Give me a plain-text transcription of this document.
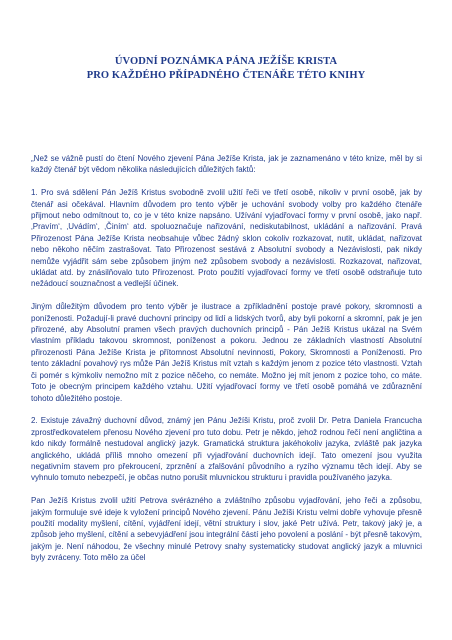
ÚVODNÍ POZNÁMKA PÁNA JEŽÍŠE KRISTA
PRO KAŽDÉHO PŘÍPADNÉHO ČTENÁŘE TÉTO KNIHY

„Než se vážně pustí do čtení Nového zjevení Pána Ježíše Krista, jak je zaznamenáno v této knize, měl by si každý čtenář být vědom několika následujících důležitých faktů:

1. Pro svá sdělení Pán Ježíš Kristus svobodně zvolil užití řeči ve třetí osobě, nikoliv v první osobě, jak by čtenář asi očekával. Hlavním důvodem pro tento výběr je uchování svobody volby pro každého čtenáře přijmout nebo odmítnout to, co je v této knize napsáno. Užívání vyjadřovací formy v první osobě, jako např. ‚Pravím‘, ‚Uvádím‘, ‚Činím‘ atd. spoluoznačuje nařizování, nediskutabilnost, ukládání a nařizování. Pravá Přirozenost Pána Ježíše Krista neobsahuje vůbec žádný sklon cokoliv rozkazovat, nutit, ukládat, nařizovat nebo někoho něčím zastrašovat. Tato Přirozenost sestává z Absolutní svobody a Nezávislosti, pak nikdy nemůže vyjádřit sám sebe způsobem jiným než způsobem svobody a nezávislosti. Rozkazovat, nařizovat, ukládat atd. by znásilňovalo tuto Přirozenost. Proto použití vyjadřovací formy ve třetí osobě odstraňuje tuto nežádoucí souznačnost a vedlejší účinek.

Jiným důležitým důvodem pro tento výběr je ilustrace a zpříkladnění postoje pravé pokory, skromnosti a poníženosti. Požadují-li pravé duchovní principy od lidí a lidských tvorů, aby byli pokorní a skromní, pak je jen přirozené, aby Absolutní pramen všech pravých duchovních principů - Pán Ježíš Kristus ukázal na Svém vlastním příkladu takovou skromnost, poníženost a pokoru. Jednou ze základních vlastností Absolutní přirozenosti Pána Ježíše Krista je přítomnost Absolutní nevinnosti, Pokory, Skromnosti a Poníženosti. Pro tento základní povahový rys může Pán Ježíš Kristus mít vztah s každým jenom z pozice této vlastnosti. Vztah či pomér s kýmkoliv nemožno mít z pozice něčeho, co nemáte. Možno jej mít jenom z pozice toho, co máte. Toto je obecným principem každého vztahu. Užití vyjadřovací formy ve třetí osobě pomáhá ve zdůraznění tohoto důležitého postoje.

2. Existuje závažný duchovní důvod, známý jen Pánu Ježíši Kristu, proč zvolil Dr. Petra Daniela Francucha zprostředkovatelem přenosu Nového zjevení pro tuto dobu. Petr je někdo, jehož rodnou řečí není angličtina a kdo nikdy formálně nestudoval anglický jazyk. Gramatická struktura jakéhokoliv jazyka, zvláště pak jazyka anglického, ukládá příliš mnoho omezení při vyjadřování duchovních idejí. Tato omezení jsou využita negativním stavem pro překroucení, zprznění a zfalšování původního a ryzího významu těch idejí. Aby se vyhnulo tomuto nebezpečí, je občas nutno porušit mluvnickou strukturu i pravidla používaného jazyka.

Pan Ježíš Kristus zvolil užití Petrova svérázného a zvláštního způsobu vyjadřování, jeho řeči a způsobu, jakým formuluje své ideje k vyložení principů Nového zjevení. Pánu Ježíši Kristu velmi dobře vyhovuje přesně použití modality myšlení, cítění, vyjádření idejí, větní struktury i slov, jaké Petr užívá. Petr, takový jaký je, a způsob jeho myšlení, cítění a sebevyjádření jsou integrální částí jeho povolení a poslání - být přesně takovým, jakým je. Není náhodou, že všechny minulé Petrovy snahy systematicky studovat anglický jazyk a mluvnici byly zvráceny. Toto mělo za účel
